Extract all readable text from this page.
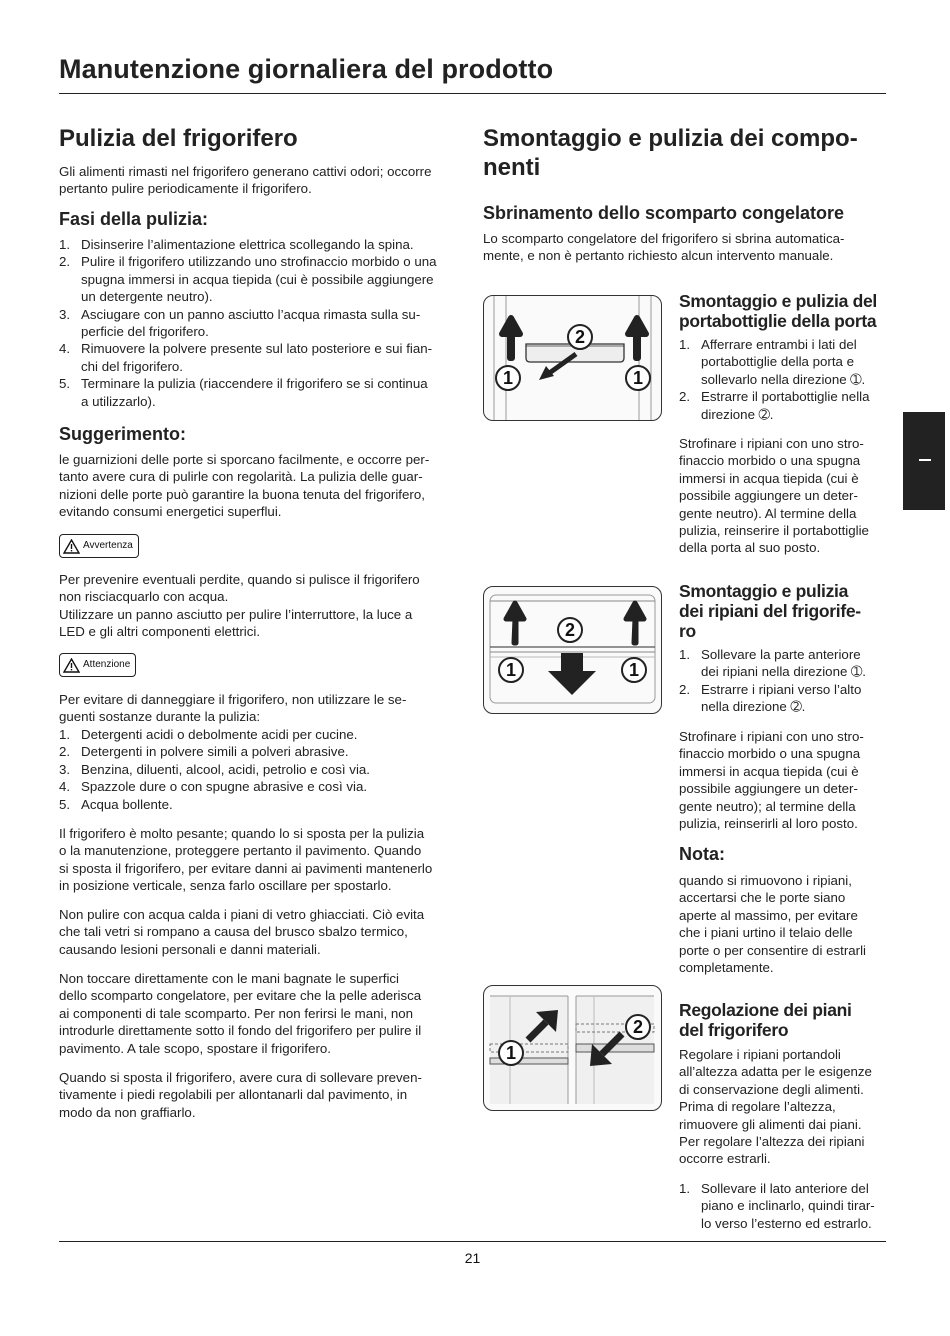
Manutenzione giornaliera del prodotto
Pulizia del frigorifero
Gli alimenti rimasti nel frigorifero generano cattivi odori; occorre
pertanto pulire periodicamente il frigorifero.
Fasi della pulizia:
1. Disinserire l’alimentazione elettrica scollegando la spina.
2. Pulire il frigorifero utilizzando uno strofinaccio morbido o una
spugna immersi in acqua tiepida (cui è possibile aggiungere
un detergente neutro).
3. Asciugare con un panno asciutto l’acqua rimasta sulla su-
perficie del frigorifero.
4. Rimuovere la polvere presente sul lato posteriore e sui fian-
chi del frigorifero.
5. Terminare la pulizia (riaccendere il frigorifero se si continua
a utilizzarlo).
Suggerimento:
le guarnizioni delle porte si sporcano facilmente, e occorre per-
tanto avere cura di pulirle con regolarità. La pulizia delle guar-
nizioni delle porte può garantire la buona tenuta del frigorifero,
evitando consumi energetici superflui.
Avvertenza
Per prevenire eventuali perdite, quando si pulisce il frigorifero
non risciacquarlo con acqua.
Utilizzare un panno asciutto per pulire l’interruttore, la luce a
LED e gli altri componenti elettrici.
Attenzione
Per evitare di danneggiare il frigorifero, non utilizzare le se-
guenti sostanze durante la pulizia:
1. Detergenti acidi o debolmente acidi per cucine.
2. Detergenti in polvere simili a polveri abrasive.
3. Benzina, diluenti, alcool, acidi, petrolio e così via.
4. Spazzole dure o con spugne abrasive e così via.
5. Acqua bollente.
Il frigorifero è molto pesante; quando lo si sposta per la pulizia
o la manutenzione, proteggere pertanto il pavimento. Quando
si sposta il frigorifero, per evitare danni ai pavimenti mantenerlo
in posizione verticale, senza farlo oscillare per spostarlo.
Non pulire con acqua calda i piani di vetro ghiacciati. Ciò evita
che tali vetri si rompano a causa del brusco sbalzo termico,
causando lesioni personali e danni materiali.
Non toccare direttamente con le mani bagnate le superfici
dello scomparto congelatore, per evitare che la pelle aderisca
ai componenti di tale scomparto. Per non ferirsi le mani, non
introdurle direttamente sotto il fondo del frigorifero per pulire il
pavimento. A tale scopo, spostare il frigorifero.
Quando si sposta il frigorifero, avere cura di sollevare preven-
tivamente i piedi regolabili per allontanarli dal pavimento, in
modo da non graffiarlo.
Smontaggio e pulizia dei compo-
nenti
Sbrinamento dello scomparto congelatore
Lo scomparto congelatore del frigorifero si sbrina automatica-
mente, e non è pertanto richiesto alcun intervento manuale.
1	1
2
Smontaggio e pulizia del
portabottiglie della porta
1. Afferrare entrambi i lati del
portabottiglie della porta e
sollevarlo nella direzione ➀.
2. Estrarre il portabottiglie nella
direzione ➁.
Strofinare i ripiani con uno stro-
finaccio morbido o una spugna
immersi in acqua tiepida (cui è
possibile aggiungere un deter-
gente neutro). Al termine della
pulizia, reinserire il portabottiglie
della porta al suo posto.
1	1
2
Smontaggio e pulizia
dei ripiani del frigorife-
ro
1. Sollevare la parte anteriore
dei ripiani nella direzione ➀.
2. Estrarre i ripiani verso l’alto
nella direzione ➁.
Strofinare i ripiani con uno stro-
finaccio morbido o una spugna
immersi in acqua tiepida (cui è
possibile aggiungere un deter-
gente neutro); al termine della
pulizia, reinserirli al loro posto.
Nota:
quando si rimuovono i ripiani,
accertarsi che le porte siano
aperte al massimo, per evitare
che i piani urtino il telaio delle
porte o per consentire di estrarli
completamente.
1
2
Regolazione dei piani
del frigorifero
Regolare i ripiani portandoli
all’altezza adatta per le esigenze
di conservazione degli alimenti.
Prima di regolare l’altezza,
rimuovere gli alimenti dai piani.
Per regolare l’altezza dei ripiani
occorre estrarli.
1. Sollevare il lato anteriore del
piano e inclinarlo, quindi tirar-
lo verso l’esterno ed estrarlo.
21
